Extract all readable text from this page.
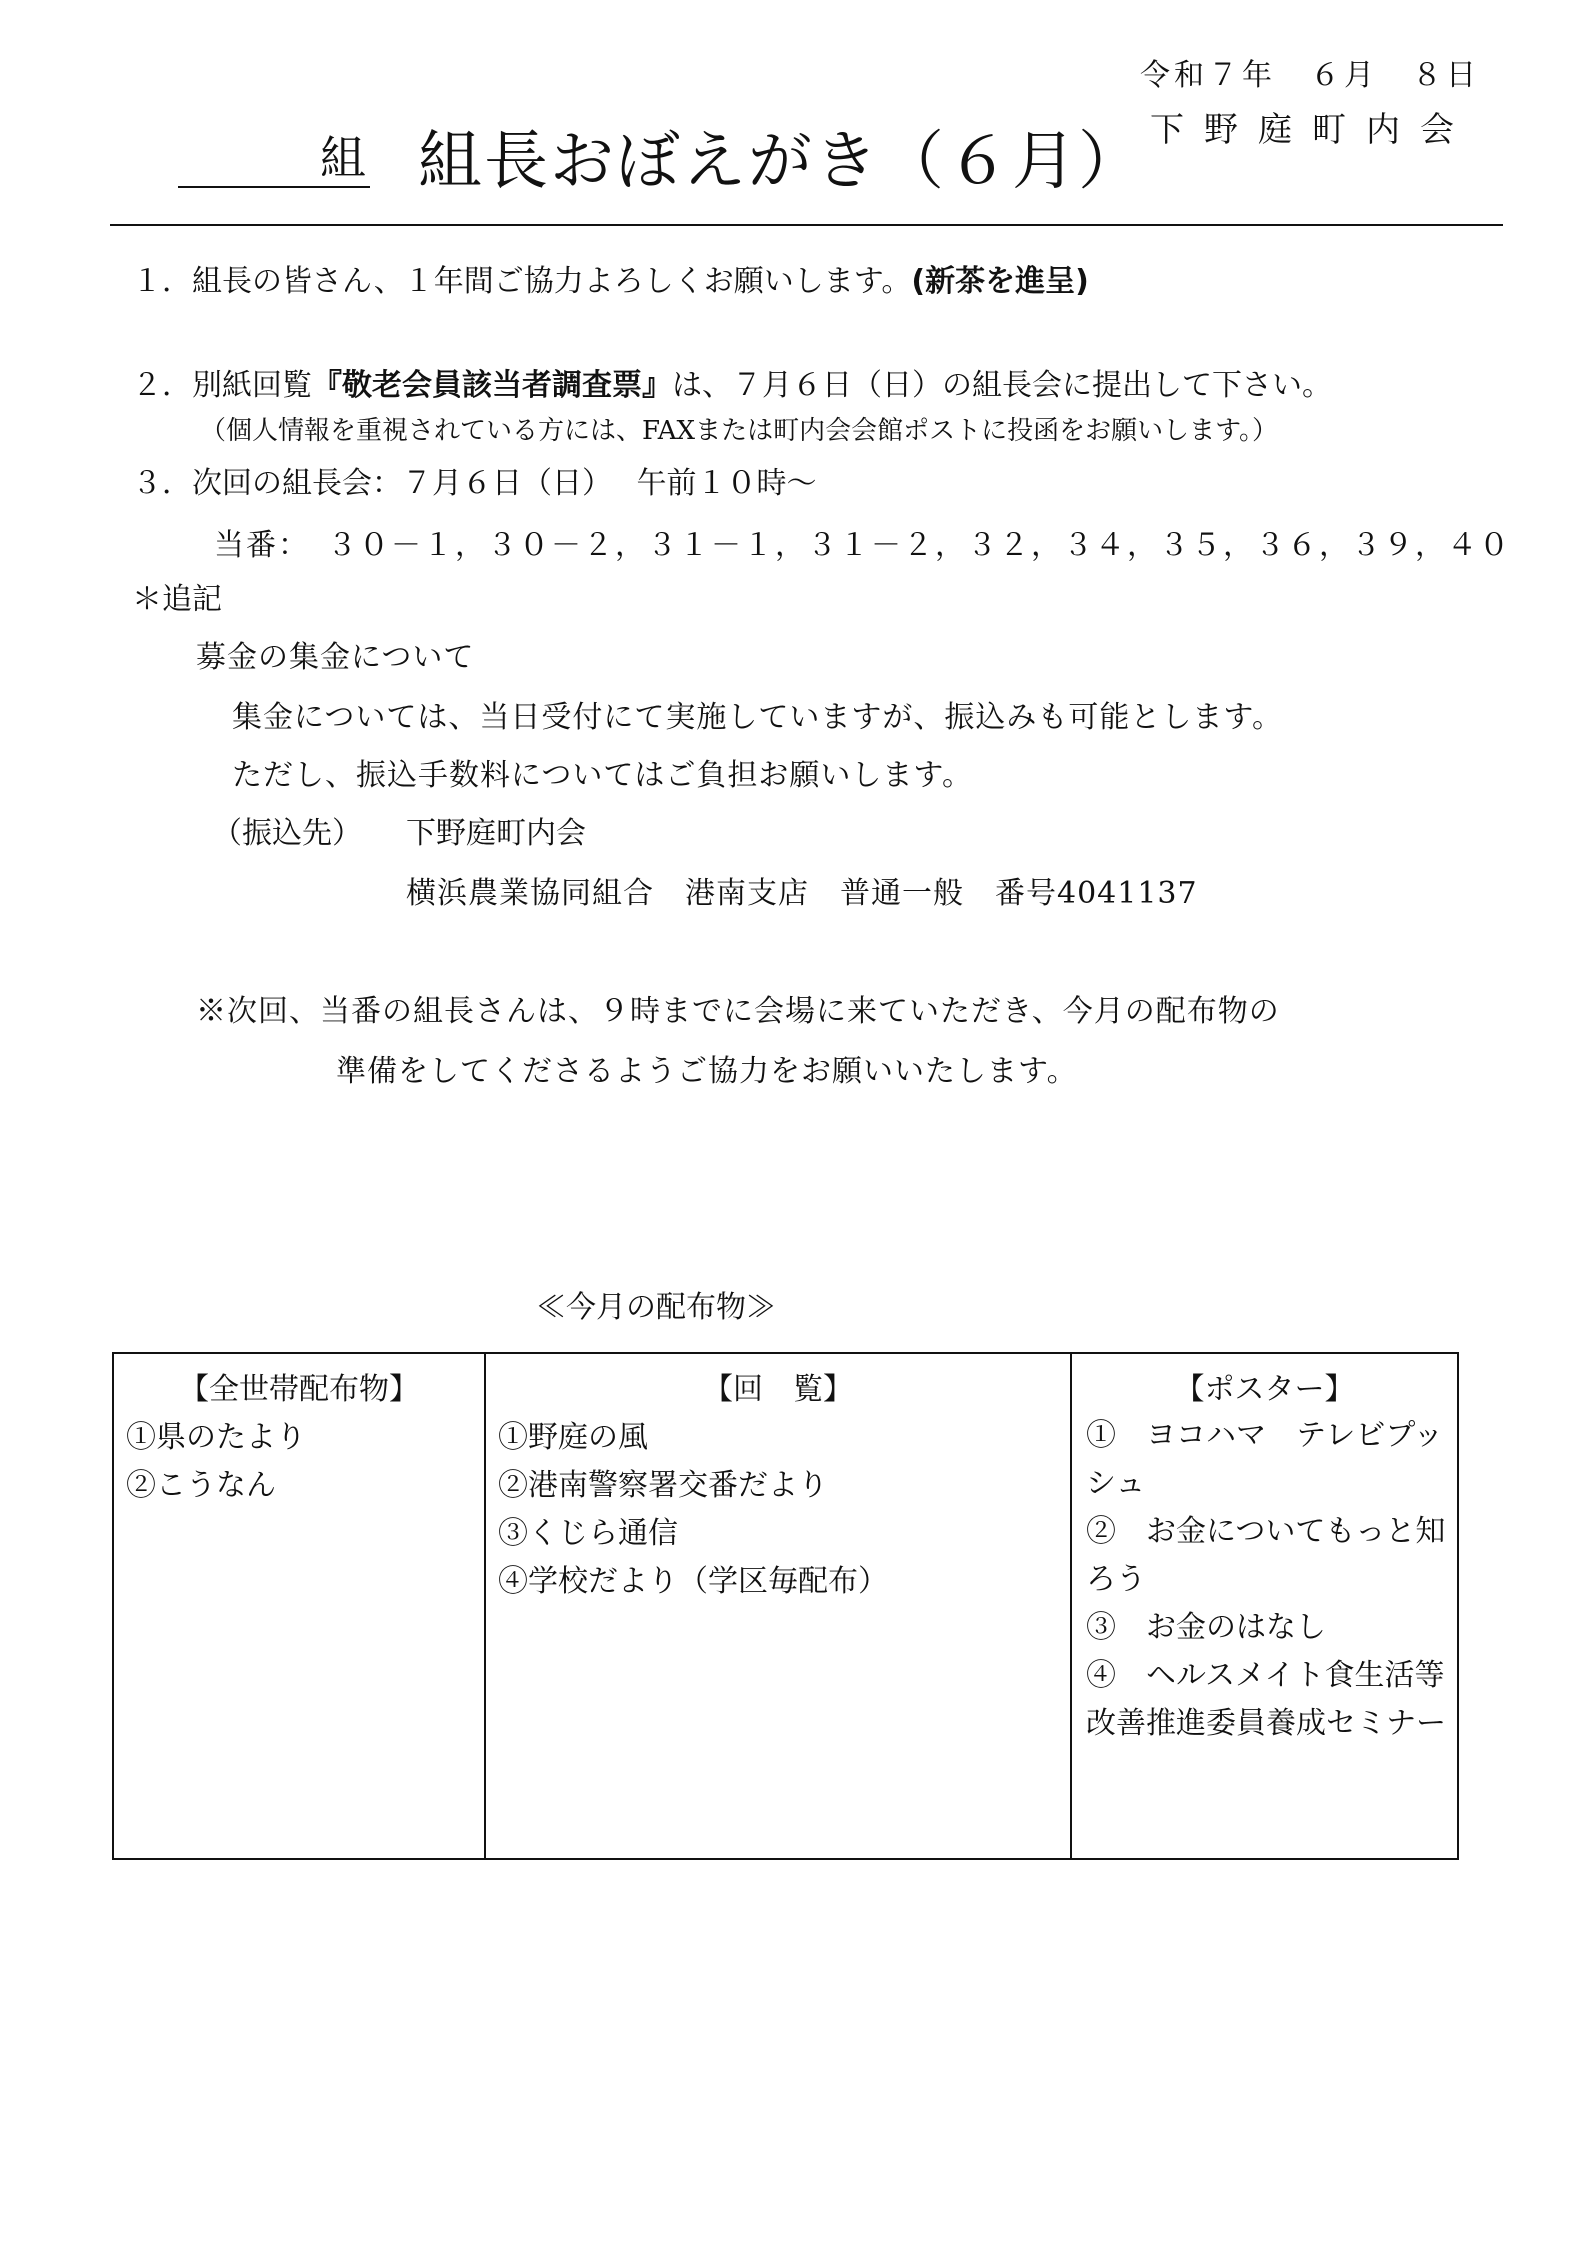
令和７年　６月　８日
下野庭町内会
組 組長おぼえがき（６月）
１．組長の皆さん、１年間ご協力よろしくお願いします。(新茶を進呈)
２．別紙回覧『敬老会員該当者調査票』は、７月６日（日）の組長会に提出して下さい。
（個人情報を重視されている方には、FAXまたは町内会会館ポストに投函をお願いします。）
３．次回の組長会：７月６日（日）　 午前１０時～
当番：　３０－１，３０－２，３１－１，３１－２，３２，３４，３５，３６，３９，４０
＊追記
募金の集金について
集金については、当日受付にて実施していますが、振込みも可能とします。
ただし、振込手数料についてはご負担お願いします。
（振込先） 下野庭町内会
横浜農業協同組合　港南支店　普通一般　番号4041137
※次回、当番の組長さんは、９時までに会場に来ていただき、今月の配布物の
準備をしてくださるようご協力をお願いいたします。
≪今月の配布物≫
【全世帯配布物】
①県のたより
②こうなん
【回　覧】
①野庭の風
②港南警察署交番だより
③くじら通信
④学校だより（学区毎配布）
【ポスター】
①　ヨコハマ　テレビプッシュ
②　お金についてもっと知ろう
③　お金のはなし
④　ヘルスメイト食生活等改善推進委員養成セミナー
